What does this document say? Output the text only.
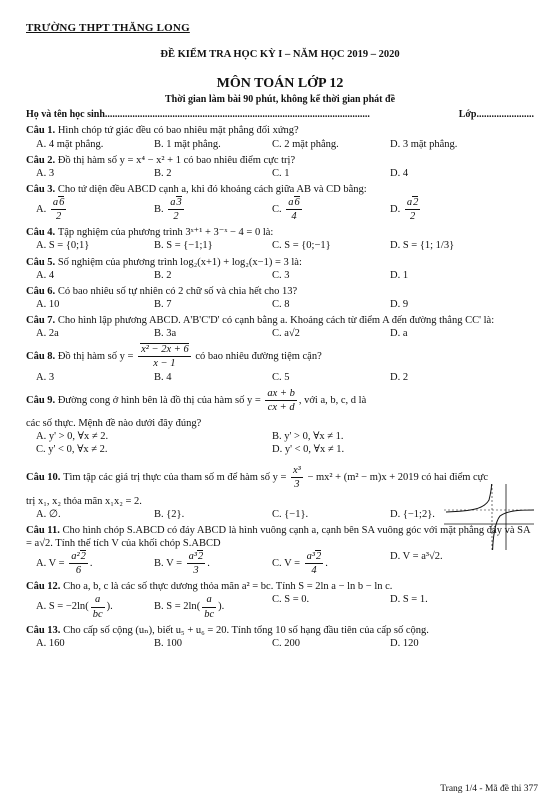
TRƯỜNG THPT THĂNG LONG
ĐỀ KIỂM TRA HỌC KỲ I – NĂM HỌC 2019 – 2020
MÔN TOÁN LỚP 12
Thời gian làm bài 90 phút, không kể thời gian phát đề
Họ và tên học sinh ..........................................................................................................	Lớp .......................
Câu 1. Hình chóp tứ giác đều có bao nhiêu mặt phẳng đối xứng?
A. 4 mặt phẳng.	B. 1 mặt phẳng.	C. 2 mặt phẳng.	D. 3 mặt phẳng.
Câu 2. Đồ thị hàm số y = x⁴ − x² + 1 có bao nhiêu điểm cực trị?
A. 3	B. 2	C. 1	D. 4
Câu 3. Cho tứ diện đều ABCD cạnh a, khi đó khoảng cách giữa AB và CD bằng:
A. $\frac{a6}{2}$	B. $\frac{a3}{2}$	C. $\frac{a6}{4}$	D. $\frac{a2}{2}$
Câu 4. Tập nghiệm của phương trình 3ˣ⁺¹ + 3⁻ˣ − 4 = 0 là:
A. S = {0;1}	B. S = {−1;1}	C. S = {0;−1}	D. S = {1; 1/3}
Câu 5. Số nghiệm của phương trình log₂(x+1) + log₂(x−1) = 3 là:
A. 4	B. 2	C. 3	D. 1
Câu 6. Có bao nhiêu số tự nhiên có 2 chữ số và chia hết cho 13?
A. 10	B. 7	C. 8	D. 9
Câu 7. Cho hình lập phương ABCD. A'B'C'D' có cạnh bằng a. Khoảng cách từ điểm A đến đường thẳng CC' là:
A. 2a	B. 3a	C. a√2	D. a
Câu 8. Đồ thị hàm số $y = \frac{\text{x² − 2x + 6}}{x - 1}$ có bao nhiêu đường tiệm cận?
A. 3	B. 4	C. 5	D. 2
Câu 9. Đường cong ở hình bên là đồ thị của hàm số $y = \frac{ax + b}{cx + d}$ , với a, b, c, d là
các số thực. Mệnh đề nào dưới đây đúng?
A. y' > 0, ∀x ≠ 2.	B. y' > 0, ∀x ≠ 1.
C. y' < 0, ∀x ≠ 2.	D. y' < 0, ∀x ≠ 1.
Câu 10. Tìm tập các giá trị thực của tham số m để hàm số $y = \frac{\text{x³}}{3} - mx^2 + (m^2 - m)x + 2019$ có hai điểm cực
trị x₁, x₂ thỏa mãn x₁x₂ = 2.
A. ∅.	B. {2}.	C. {−1}.	D. {−1;2}.
Câu 11. Cho hình chóp S.ABCD có đáy ABCD là hình vuông cạnh a, cạnh bên SA vuông góc với mặt phẳng đáy và SA = a√2. Tính thể tích V của khối chóp S.ABCD
A. $V = \frac{\text{a²2}}{6}$ .	B. $V = \frac{\text{a³2}}{3}$ .	C. $V = \frac{\text{a³2}}{4}$ .
D. V = a³√2.
Câu 12. Cho a, b, c là các số thực dương thỏa mãn a² = bc. Tính S = 2ln a − ln b − ln c.
A. $S = -2\ln( \frac{a}{bc}$ ).	B. $S = 2\ln( \frac{a}{bc}$ ).
C. S = 0.	D. S = 1.
Câu 13. Cho cấp số cộng (uₙ), biết u₅ + u₆ = 20. Tính tổng 10 số hạng đầu tiên của cấp số cộng.
A. 160	B. 100	C. 200	D. 120
Trang 1/4 - Mã đề thi 377
